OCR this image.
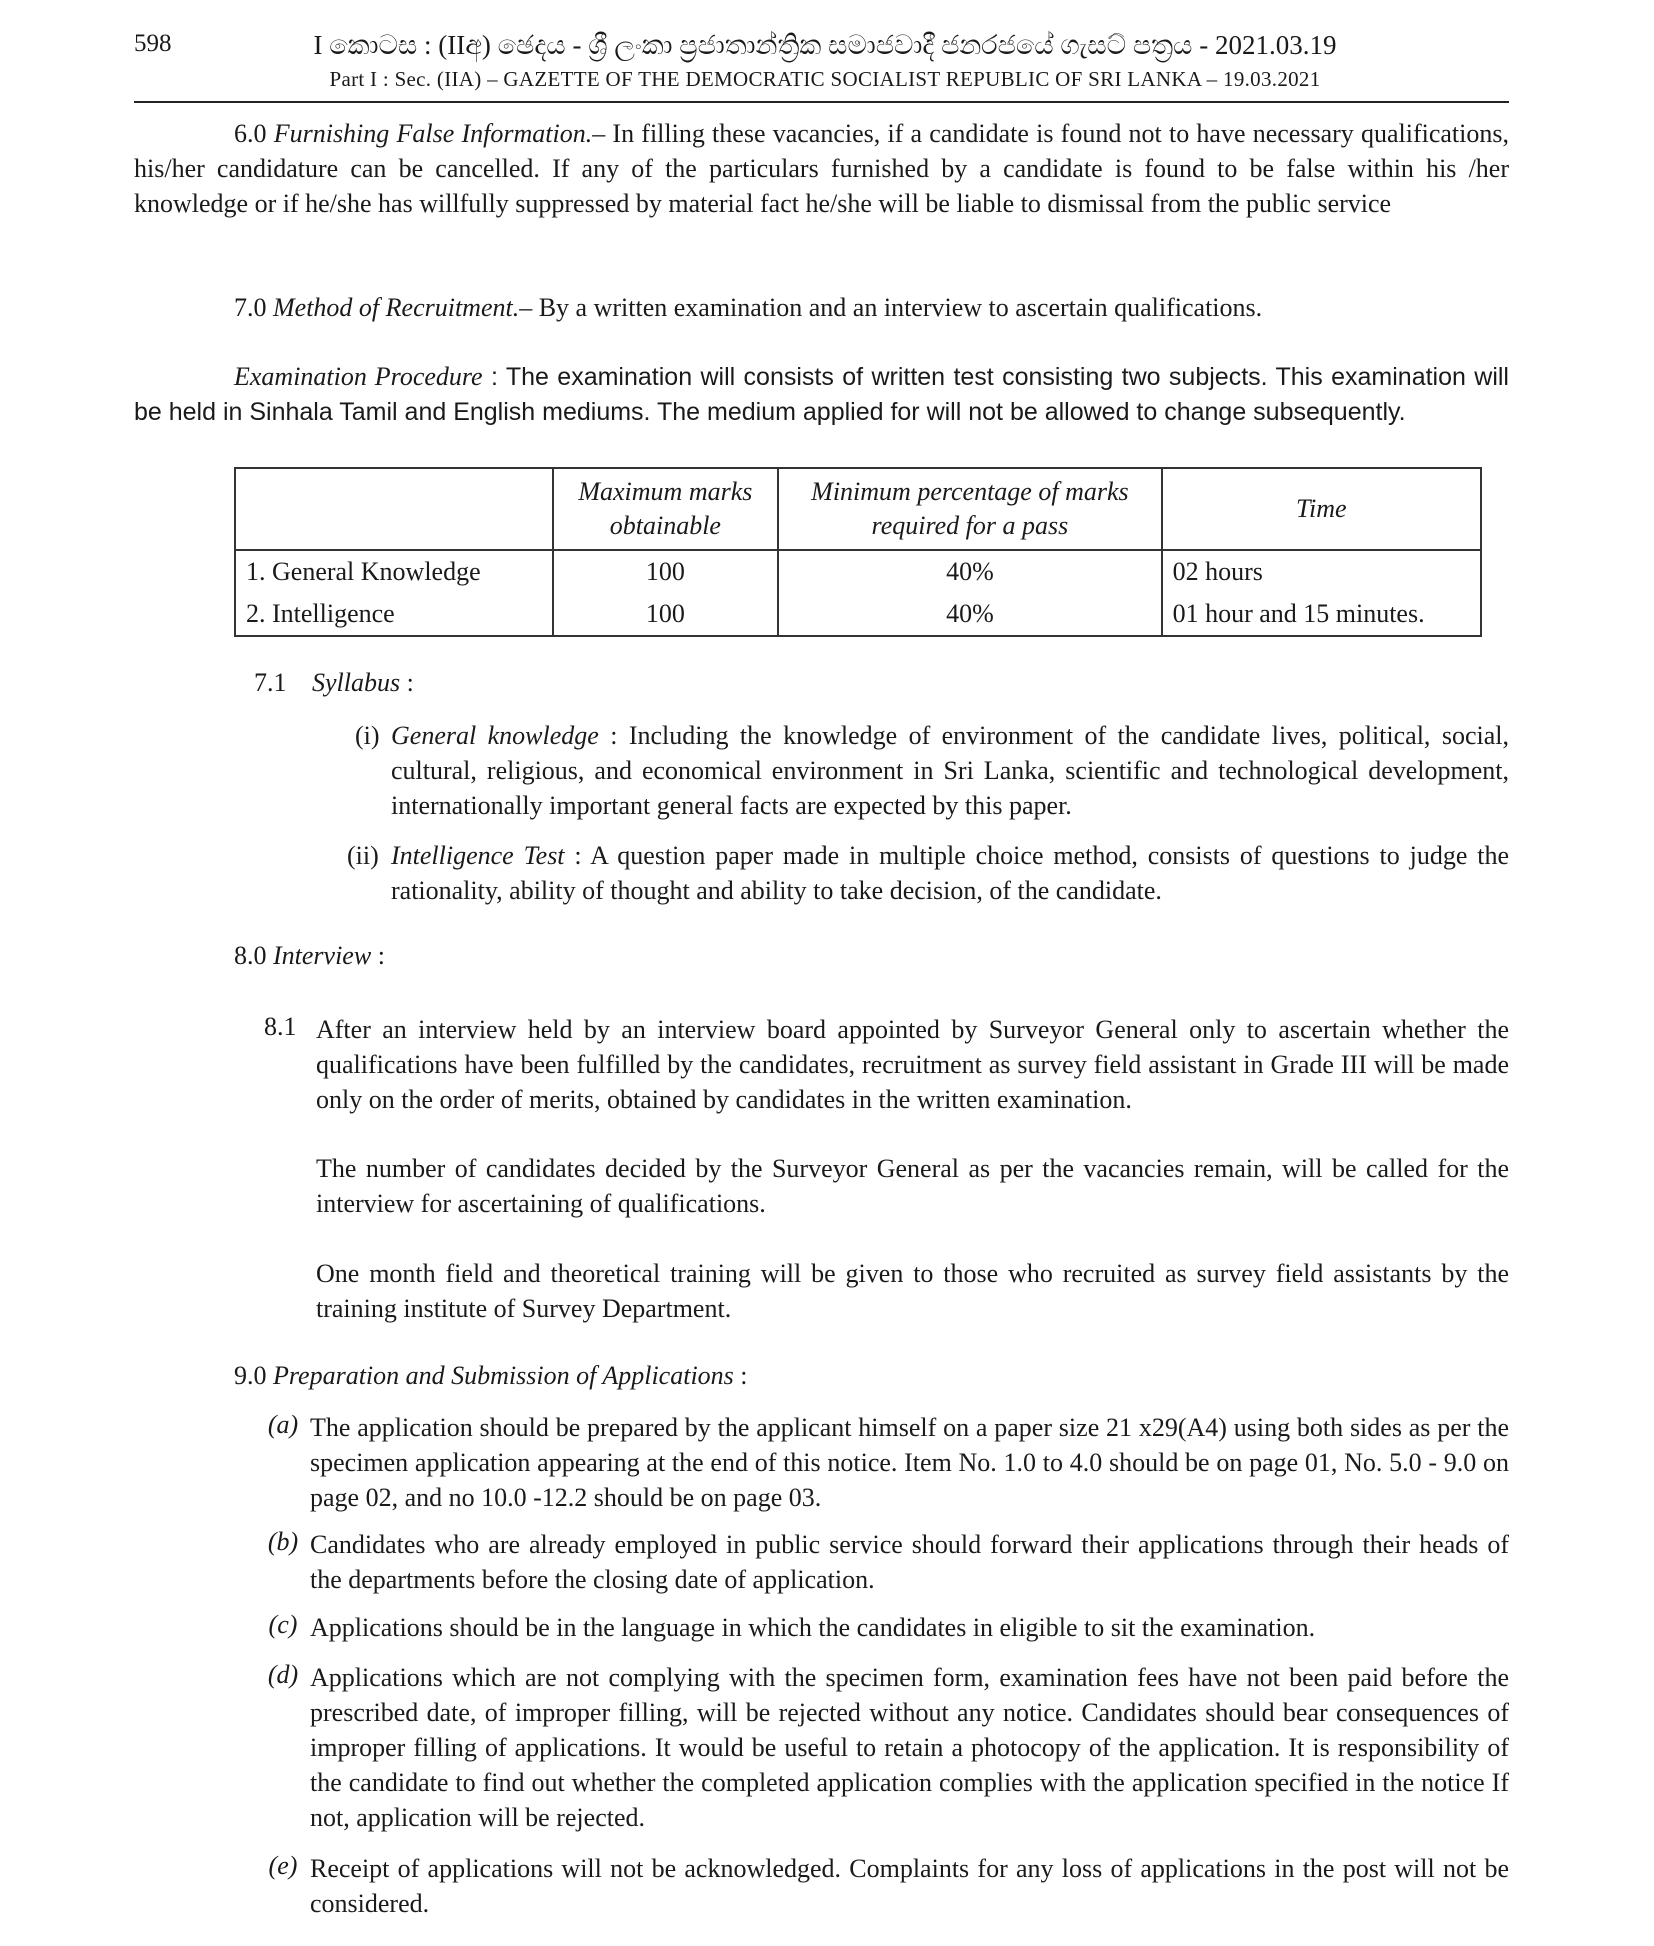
598	I කොටස : (IIඅ) ඡෙදය - ශ්‍රී ලංකා ප්‍රජාතාන්ත්‍රික සමාජවාදී ජනරජයේ ගැසට් පත්‍රය - 2021.03.19
Part I : Sec. (IIA) – GAZETTE OF THE DEMOCRATIC SOCIALIST REPUBLIC OF SRI LANKA – 19.03.2021
6.0 Furnishing False Information.– In filling these vacancies, if a candidate is found not to have necessary qualifications, his/her candidature can be cancelled. If any of the particulars furnished by a candidate is found to be false within his /her knowledge or if he/she has willfully suppressed by material fact he/she will be liable to dismissal from the public service
7.0 Method of Recruitment.– By a written examination and an interview to ascertain qualifications.
Examination Procedure : The examination will consists of written test consisting two subjects. This examination will be held in Sinhala Tamil and English mediums. The medium applied for will not be allowed to change subsequently.
	Maximum marks obtainable	Minimum percentage of marks required for a pass	Time
1. General Knowledge	100	40%	02 hours
2. Intelligence	100	40%	01 hour and 15 minutes.
7.1 Syllabus :
(i) General knowledge : Including the knowledge of environment of the candidate lives, political, social, cultural, religious, and economical environment in Sri Lanka, scientific and technological development, internationally important general facts are expected by this paper.
(ii) Intelligence Test : A question paper made in multiple choice method, consists of questions to judge the rationality, ability of thought and ability to take decision, of the candidate.
8.0 Interview :
8.1 After an interview held by an interview board appointed by Surveyor General only to ascertain whether the qualifications have been fulfilled by the candidates, recruitment as survey field assistant in Grade III will be made only on the order of merits, obtained by candidates in the written examination.
The number of candidates decided by the Surveyor General as per the vacancies remain, will be called for the interview for ascertaining of qualifications.
One month field and theoretical training will be given to those who recruited as survey field assistants by the training institute of Survey Department.
9.0 Preparation and Submission of Applications :
(a) The application should be prepared by the applicant himself on a paper size 21 x29(A4) using both sides as per the specimen application appearing at the end of this notice. Item No. 1.0 to 4.0 should be on page 01, No. 5.0 - 9.0 on page 02, and no 10.0 -12.2 should be on page 03.
(b) Candidates who are already employed in public service should forward their applications through their heads of the departments before the closing date of application.
(c) Applications should be in the language in which the candidates in eligible to sit the examination.
(d) Applications which are not complying with the specimen form, examination fees have not been paid before the prescribed date, of improper filling, will be rejected without any notice. Candidates should bear consequences of improper filling of applications. It would be useful to retain a photocopy of the application. It is responsibility of the candidate to find out whether the completed application complies with the application specified in the notice If not, application will be rejected.
(e) Receipt of applications will not be acknowledged. Complaints for any loss of applications in the post will not be considered.
